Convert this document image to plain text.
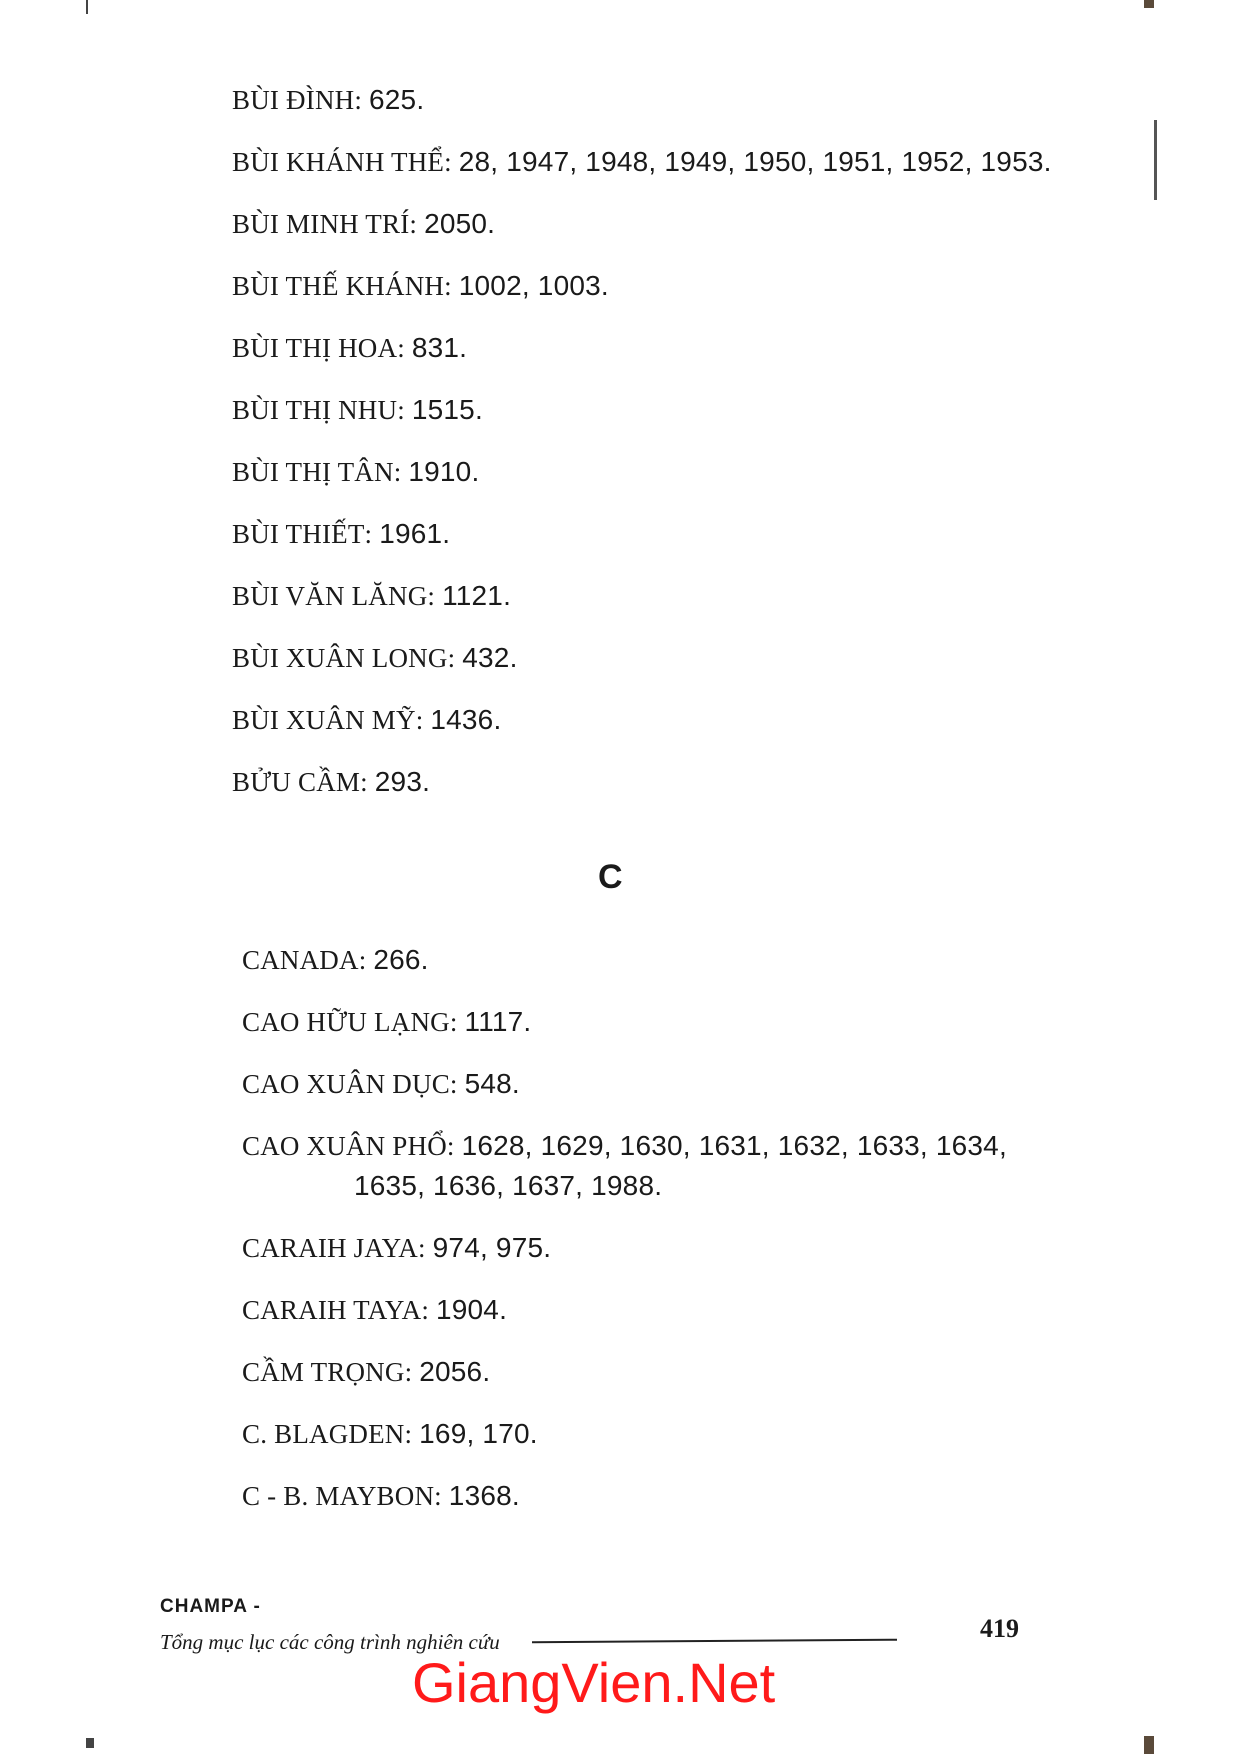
BÙI ĐÌNH: 625.
BÙI KHÁNH THỂ: 28, 1947, 1948, 1949, 1950, 1951, 1952, 1953.
BÙI MINH TRÍ: 2050.
BÙI THẾ KHÁNH: 1002, 1003.
BÙI THỊ HOA: 831.
BÙI THỊ NHU: 1515.
BÙI THỊ TÂN: 1910.
BÙI THIẾT: 1961.
BÙI VĂN LĂNG: 1121.
BÙI XUÂN LONG: 432.
BÙI XUÂN MỸ: 1436.
BỬU CẦM: 293.
C
CANADA: 266.
CAO HỮU LẠNG: 1117.
CAO XUÂN DỤC: 548.
CAO XUÂN PHỔ: 1628, 1629, 1630, 1631, 1632, 1633, 1634,
1635, 1636, 1637, 1988.
CARAIH JAYA: 974, 975.
CARAIH TAYA: 1904.
CẦM TRỌNG: 2056.
C. BLAGDEN: 169, 170.
C - B. MAYBON: 1368.
CHAMPA -
Tổng mục lục các công trình nghiên cứu	419
GiangVien.Net
